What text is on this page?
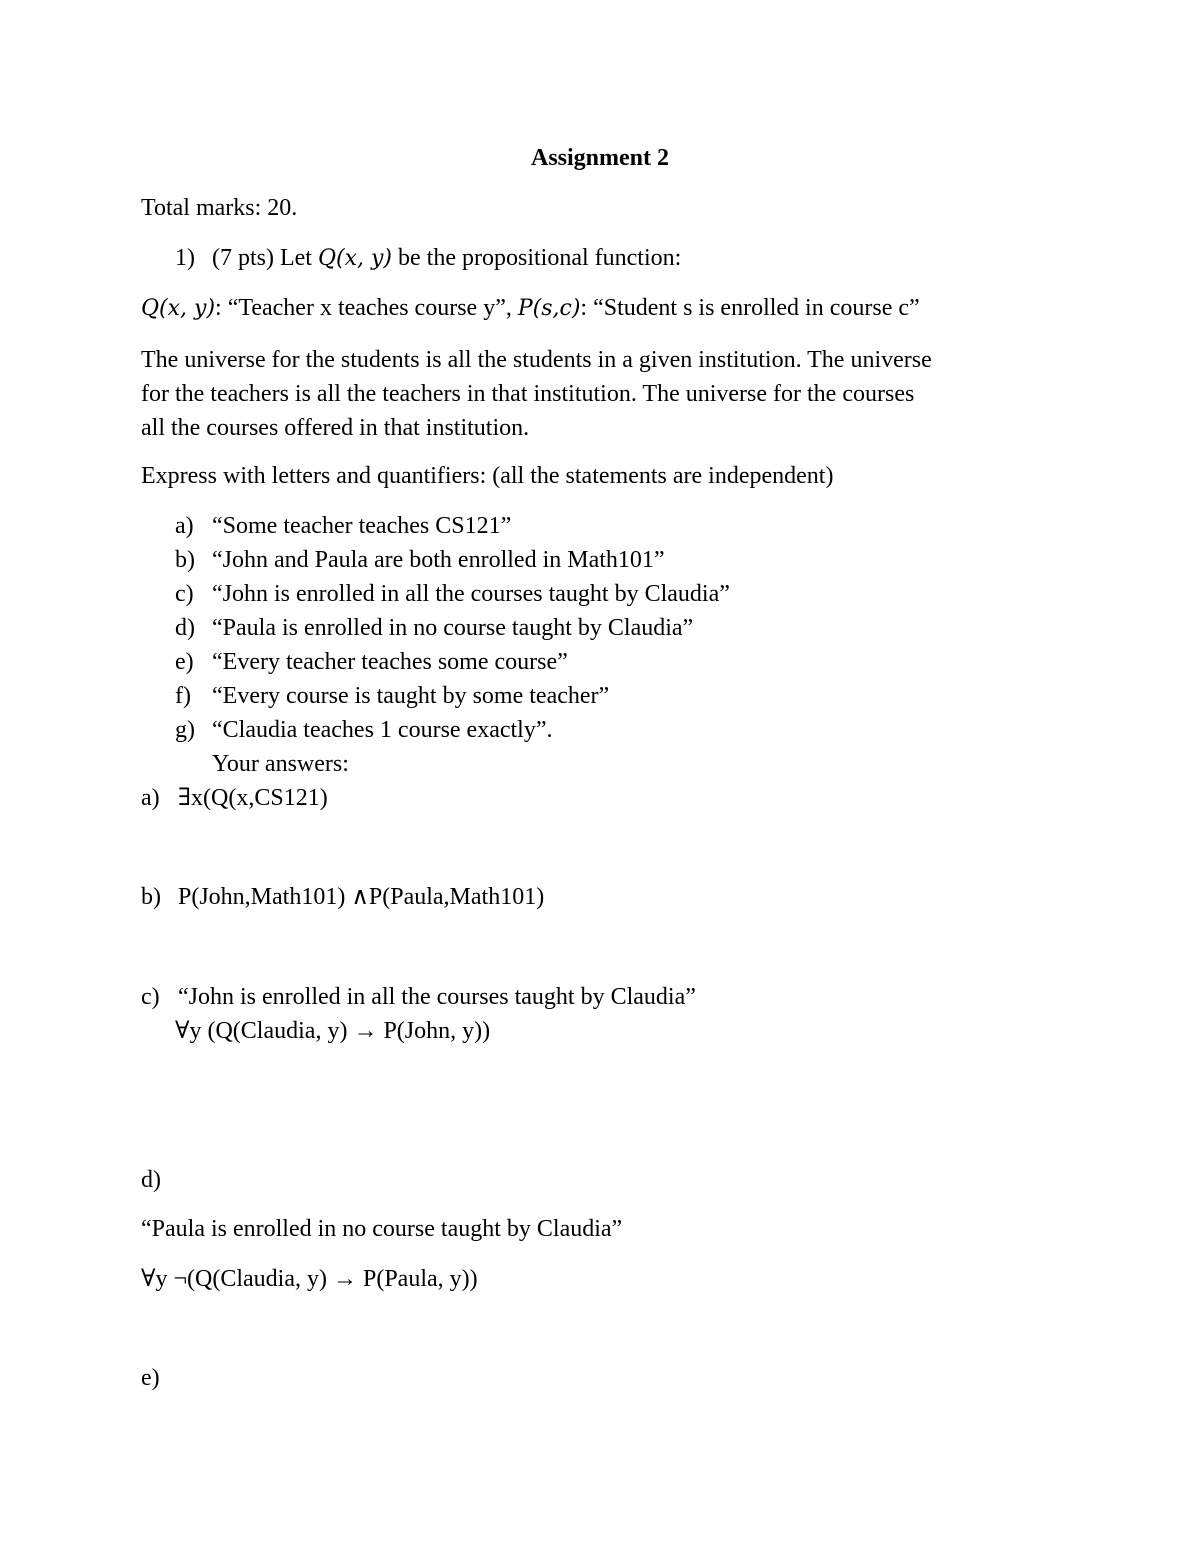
Assignment 2
Total marks: 20.
1) (7 pts) Let Q(x, y) be the propositional function:
Q(x, y): “Teacher x teaches course y”, P(s,c): “Student s is enrolled in course c”
The universe for the students is all the students in a given institution. The universe
for the teachers is all the teachers in that institution. The universe for the courses
all the courses offered in that institution.
Express with letters and quantifiers: (all the statements are independent)
a) “Some teacher teaches CS121”
b) “John and Paula are both enrolled in Math101”
c) “John is enrolled in all the courses taught by Claudia”
d) “Paula is enrolled in no course taught by Claudia”
e) “Every teacher teaches some course”
f) “Every course is taught by some teacher”
g) “Claudia teaches 1 course exactly”.
Your answers:
a) ∃x(Q(x,CS121)
b) P(John,Math101) ∧P(Paula,Math101)
c) “John is enrolled in all the courses taught by Claudia”
∀y (Q(Claudia, y) → P(John, y))
d)
“Paula is enrolled in no course taught by Claudia”
∀y ¬(Q(Claudia, y) → P(Paula, y))
e)
